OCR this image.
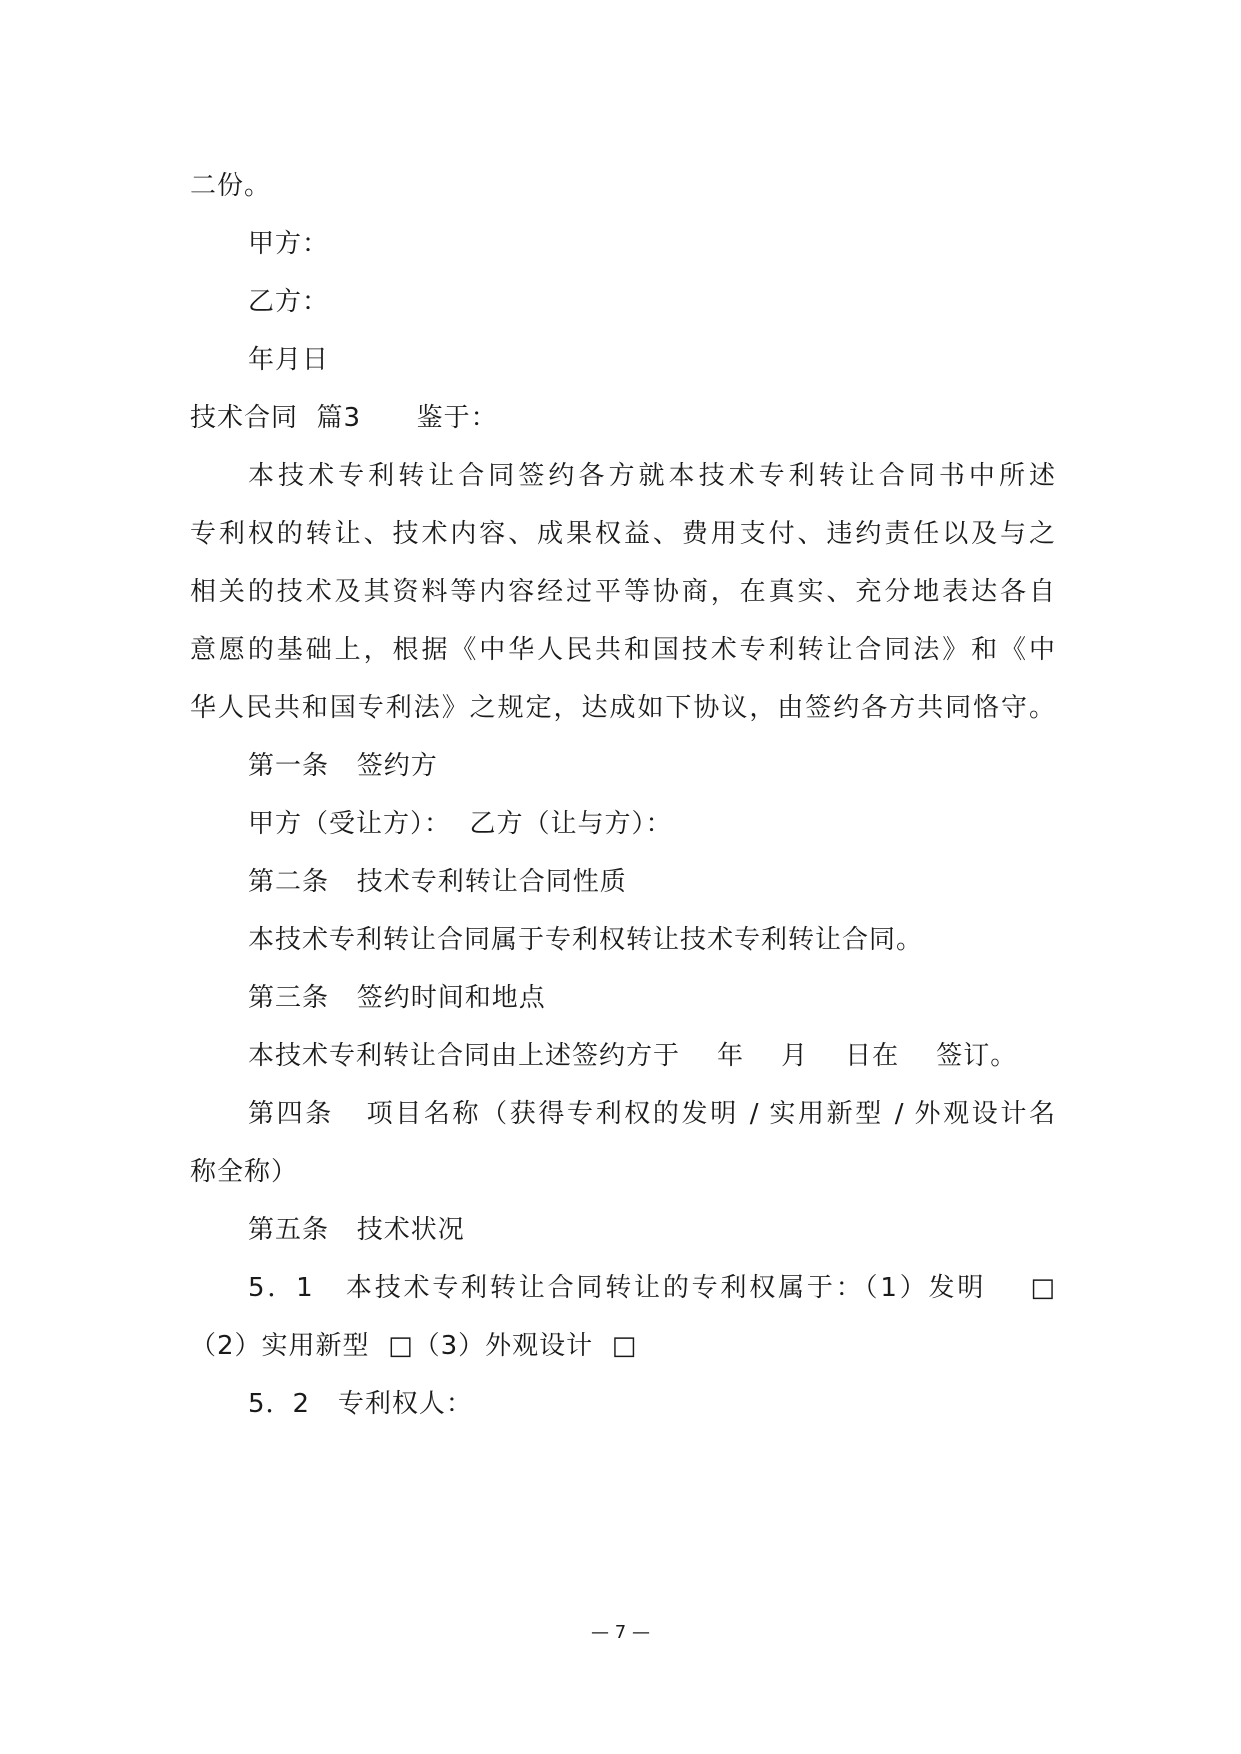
二份。
甲方：
乙方：
年月日
技术合同  篇3      鉴于：
本技术专利转让合同签约各方就本技术专利转让合同书中所述
专利权的转让、技术内容、成果权益、费用支付、违约责任以及与之
相关的技术及其资料等内容经过平等协商，在真实、充分地表达各自
意愿的基础上，根据《中华人民共和国技术专利转让合同法》和《中
华人民共和国专利法》之规定，达成如下协议，由签约各方共同恪守。
第一条   签约方
甲方（受让方）：  乙方（让与方）：
第二条   技术专利转让合同性质
本技术专利转让合同属于专利权转让技术专利转让合同。
第三条   签约时间和地点
本技术专利转让合同由上述签约方于    年    月    日在    签订。
第四条   项目名称（获得专利权的发明 / 实用新型 / 外观设计名
称全称）
第五条   技术状况
5．1   本技术专利转让合同转让的专利权属于：（1）发明    □
（2）实用新型  □（3）外观设计  □
5．2   专利权人：
— 7 —
